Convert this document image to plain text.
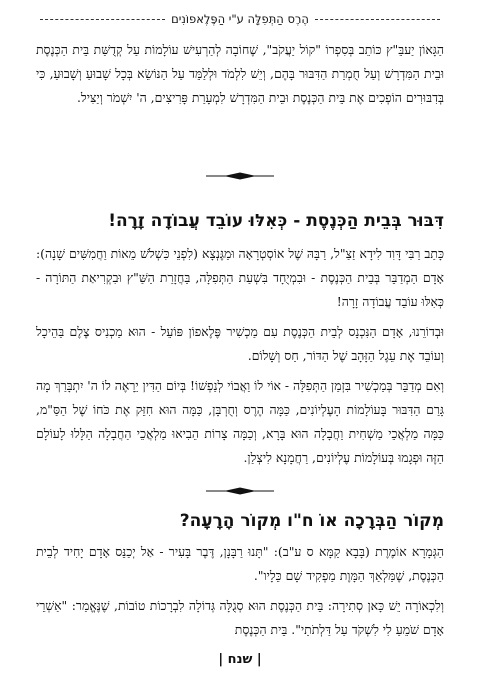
הֶרֶס הַתְּפִלָּה ע"י הַפֶּלֶאפוֹנִים

הַגָּאוֹן יַעבֵּ"ץ כּוֹתֵב בְּסִפְרוֹ "קוֹל יַעֲקֹב", שֶׁחוֹבָה לְהַרְעִישׁ עוֹלָמוֹת עַל קְדֻשַּׁת בֵּית הַכְּנֶסֶת וּבֵית הַמִּדְרָשׁ וְעַל חֻמְרַת הַדִּבּוּר בָּהֶם, וְיֵשׁ לִלְמֹד וּלְלַמֵּד עַל הַנּוֹשֵׂא בְּכָל שָׁבוּעַ וְשָׁבוּעַ, כִּי בְּדִבּוּרִים הוֹפְכִים אֶת בֵּית הַכְּנֶסֶת וּבֵית הַמִּדְרָשׁ לִמְעָרַת פָּרִיצִים, ה' יִשְׁמֹר וְיַצִּיל.

דִּבּוּר בְּבֵית הַכְּנֶסֶת - כְּאִלּוּ עוֹבֵד עֲבוֹדָה זָרָה!

כָּתַב רַבִּי דָּוִד לִידָא זַצַ"ל, רַבָּהּ שֶׁל אוֹסְטְרָאָה וּמַגֶּנְצָא (לִפְנֵי כִּשְׁלֹשׁ מֵאוֹת וַחֲמִשִּׁים שָׁנָה): אָדָם הַמְדַבֵּר בְּבֵית הַכְּנֶסֶת - וּבִמְיֻחָד בִּשְׁעַת הַתְּפִלָּה, בַּחֲזָרַת הַשַּׁ"ץ וּבִקְרִיאַת הַתּוֹרָה - כְּאִלּוּ עוֹבֵד עֲבוֹדָה זָרָה!

וּבְדוֹרֵנוּ, אָדָם הַנִּכְנָס לְבֵית הַכְּנֶסֶת עִם מַכְשִׁיר פֶּלֶאפוֹן פּוֹעֵל - הוּא מַכְנִיס צֶלֶם בַּהֵיכָל וְעוֹבֵד אֶת עֵגֶל הַזָּהָב שֶׁל הַדּוֹר, חַס וְשָׁלוֹם.

וְאִם מְדַבֵּר בְּמַכְשִׁיר בִּזְמַן הַתְּפִלָּה - אוֹי לוֹ וַאֲבוֹי לְנַפְשׁוֹ! בְּיוֹם הַדִּין יֵרָאֶה לוֹ ה' יִתְבָּרַךְ מָה גָּרַם הַדִּבּוּר בָּעוֹלָמוֹת הָעֶלְיוֹנִים, כַּמָּה הֶרֶס וְחֻרְבָּן, כַּמָּה הוּא חִזֵּק אֶת כֹּחוֹ שֶׁל הַסַּ"מ, כַּמָּה מַלְאֲכֵי מַשְׁחִית וַחֲבָלָה הוּא בָּרָא, וְכַמָּה צָרוֹת הֵבִיאוּ מַלְאֲכֵי הַחֲבָלָה הַלָּלוּ לָעוֹלָם הַזֶּה וּפְגָמוּ בְּעוֹלָמוֹת עֶלְיוֹנִים, רַחֲמָנָא לִיצְלַן.

מְקוֹר הַבְּרָכָה אוֹ ח"ו מְקוֹר הָרָעָה?

הַגְּמָרָא אוֹמֶרֶת (בָּבָא קַמָּא ס ע"ב): "תָּנוּ רַבָּנָן, דֶּבֶר בָּעִיר - אַל יְכַנֵּס אָדָם יָחִיד לְבֵית הַכְּנֶסֶת, שֶׁמַּלְאַךְ הַמָּוֶת מַפְקִיד שָׁם כֵּלָיו".

וְלִכְאוֹרָה יֵשׁ כָּאן סְתִירָה: בֵּית הַכְּנֶסֶת הוּא סְגֻלָּה גְּדוֹלָה לִבְרָכוֹת טוֹבוֹת, שֶׁנֶּאֱמַר: "אַשְׁרֵי אָדָם שֹׁמֵעַ לִי לִשְׁקֹד עַל דַּלְתֹתַי". בֵּית הַכְּנֶסֶת

| שנח |
